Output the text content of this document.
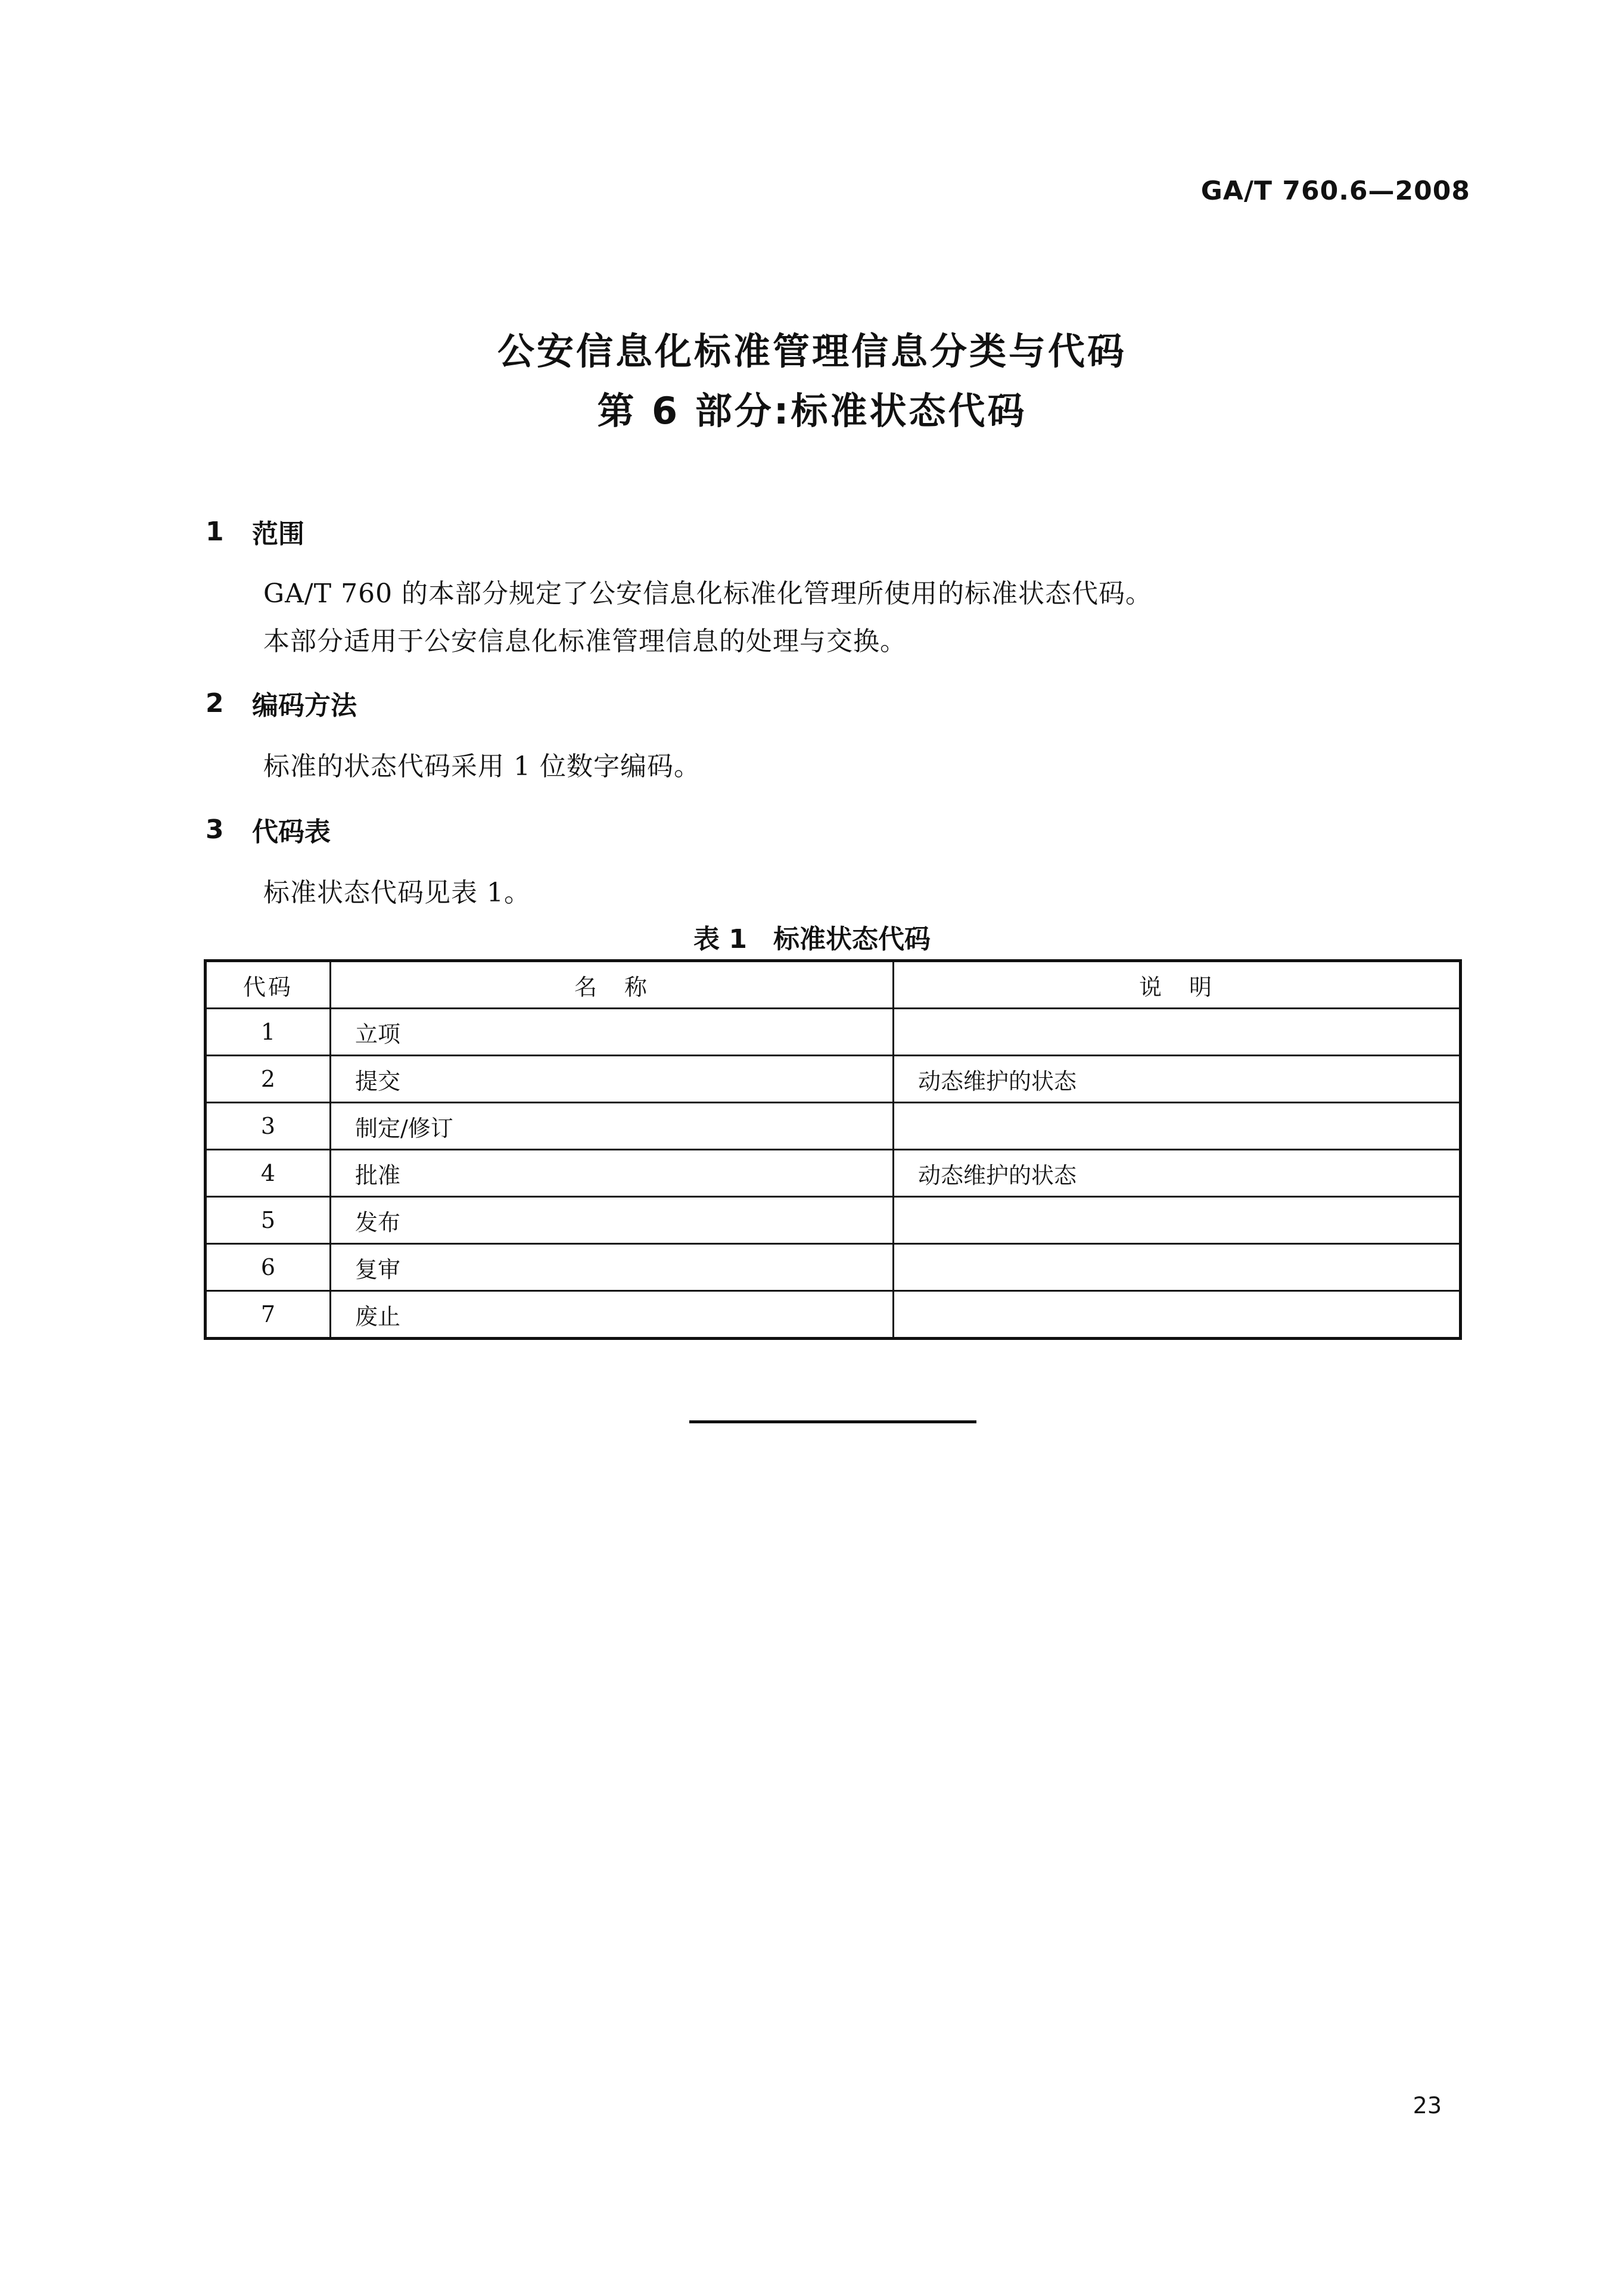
GA/T 760.6—2008
公安信息化标准管理信息分类与代码
第 6 部分:标准状态代码
1	范围
GA/T 760 的本部分规定了公安信息化标准化管理所使用的标准状态代码。
本部分适用于公安信息化标准管理信息的处理与交换。
2	编码方法
标准的状态代码采用 1 位数字编码。
3	代码表
标准状态代码见表 1。
表 1　标准状态代码
代码	名　称	说　明
1	立项	
2	提交	动态维护的状态
3	制定/修订	
4	批准	动态维护的状态
5	发布	
6	复审	
7	废止	
23
